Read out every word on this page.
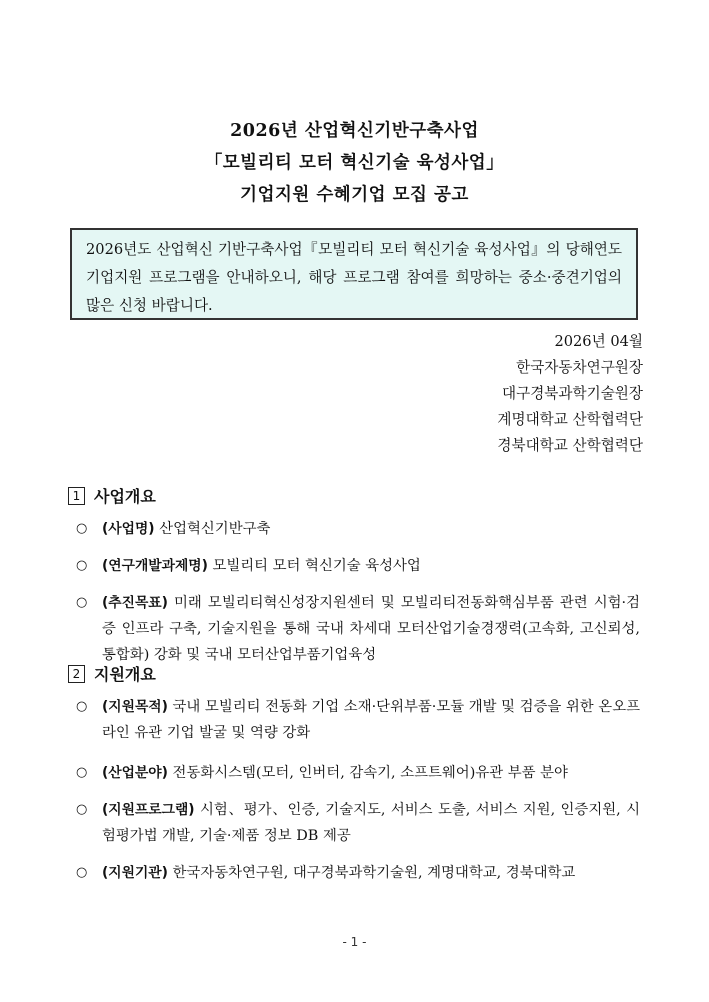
2026년 산업혁신기반구축사업
「모빌리티 모터 혁신기술 육성사업」
기업지원 수혜기업 모집 공고
2026년도 산업혁신 기반구축사업『모빌리티 모터 혁신기술 육성사업』의 당해연도 기업지원 프로그램을 안내하오니, 해당 프로그램 참여를 희망하는 중소·중견기업의 많은 신청 바랍니다.
2026년 04월
한국자동차연구원장
대구경북과학기술원장
계명대학교 산학협력단
경북대학교 산학협력단
1 사업개요
○	(사업명) 산업혁신기반구축
○	(연구개발과제명) 모빌리티 모터 혁신기술 육성사업
○	(추진목표) 미래 모빌리티혁신성장지원센터 및 모빌리티전동화핵심부품 관련 시험·검증 인프라 구축, 기술지원을 통해 국내 차세대 모터산업기술경쟁력(고속화, 고신뢰성, 통합화) 강화 및 국내 모터산업부품기업육성
2 지원개요
○	(지원목적) 국내 모빌리티 전동화 기업 소재·단위부품·모듈 개발 및 검증을 위한 온오프라인 유관 기업 발굴 및 역량 강화
○	(산업분야) 전동화시스템(모터, 인버터, 감속기, 소프트웨어)유관 부품 분야
○	(지원프로그램) 시험、평가、인증, 기술지도, 서비스 도출, 서비스 지원, 인증지원, 시험평가법 개발, 기술·제품 정보 DB 제공
○	(지원기관) 한국자동차연구원, 대구경북과학기술원, 계명대학교, 경북대학교
- 1 -
